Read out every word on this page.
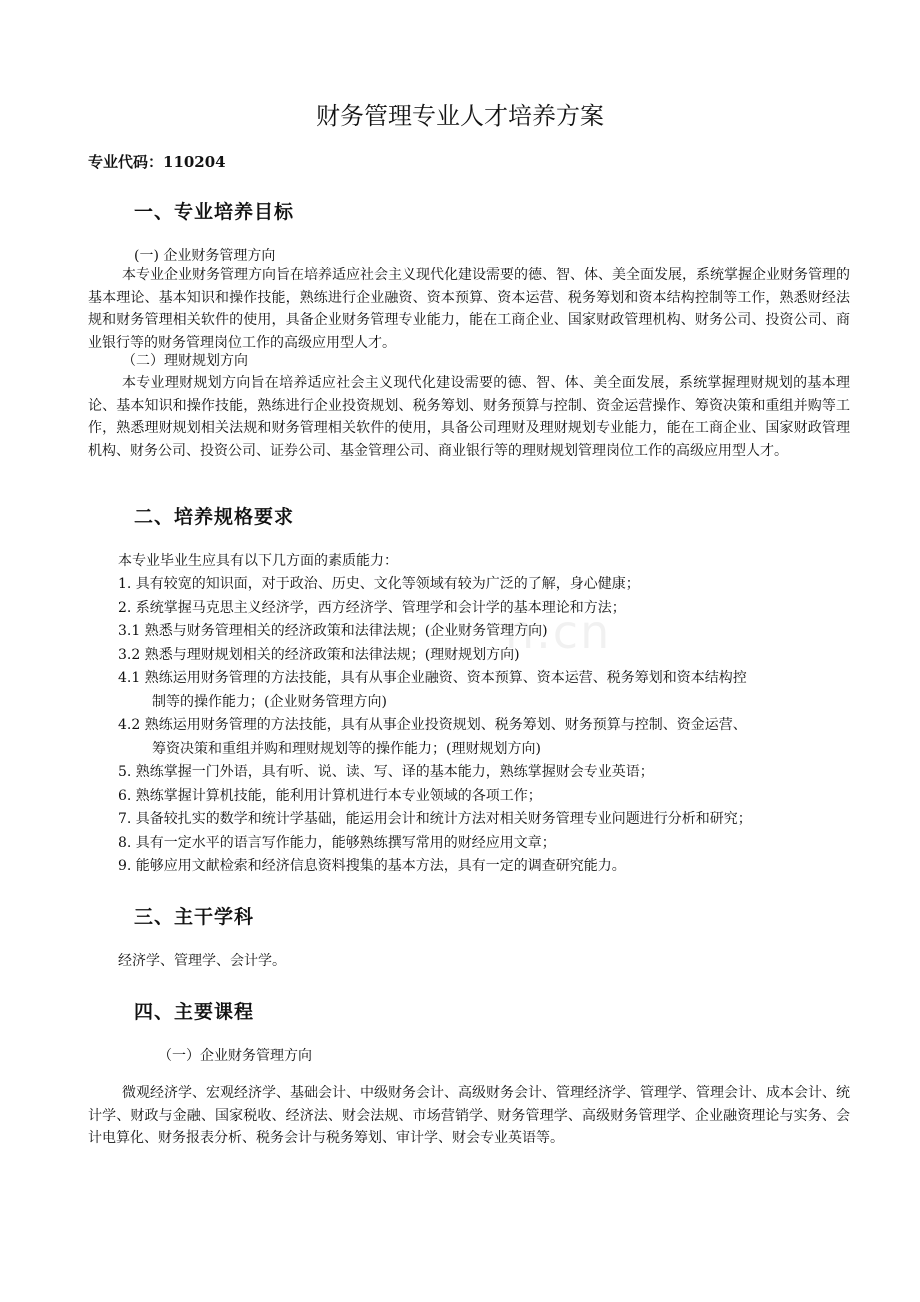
n.cn
财务管理专业人才培养方案

专业代码：110204

一、专业培养目标

(一) 企业财务管理方向

本专业企业财务管理方向旨在培养适应社会主义现代化建设需要的德、智、体、美全面发展，系统掌握企业财务管理的基本理论、基本知识和操作技能，熟练进行企业融资、资本预算、资本运营、税务筹划和资本结构控制等工作，熟悉财经法规和财务管理相关软件的使用，具备企业财务管理专业能力，能在工商企业、国家财政管理机构、财务公司、投资公司、商业银行等的财务管理岗位工作的高级应用型人才。

（二）理财规划方向

本专业理财规划方向旨在培养适应社会主义现代化建设需要的德、智、体、美全面发展，系统掌握理财规划的基本理论、基本知识和操作技能，熟练进行企业投资规划、税务筹划、财务预算与控制、资金运营操作、筹资决策和重组并购等工作，熟悉理财规划相关法规和财务管理相关软件的使用，具备公司理财及理财规划专业能力，能在工商企业、国家财政管理机构、财务公司、投资公司、证券公司、基金管理公司、商业银行等的理财规划管理岗位工作的高级应用型人才。

二、培养规格要求

本专业毕业生应具有以下几方面的素质能力：

1. 具有较宽的知识面，对于政治、历史、文化等领域有较为广泛的了解，身心健康；
2. 系统掌握马克思主义经济学，西方经济学、管理学和会计学的基本理论和方法；
3.1 熟悉与财务管理相关的经济政策和法律法规；(企业财务管理方向)
3.2 熟悉与理财规划相关的经济政策和法律法规；(理财规划方向)
4.1 熟练运用财务管理的方法技能，具有从事企业融资、资本预算、资本运营、税务筹划和资本结构控
制等的操作能力；(企业财务管理方向)
4.2 熟练运用财务管理的方法技能，具有从事企业投资规划、税务筹划、财务预算与控制、资金运营、
筹资决策和重组并购和理财规划等的操作能力；(理财规划方向)
5. 熟练掌握一门外语，具有听、说、读、写、译的基本能力，熟练掌握财会专业英语；
6. 熟练掌握计算机技能，能利用计算机进行本专业领域的各项工作；
7. 具备较扎实的数学和统计学基础，能运用会计和统计方法对相关财务管理专业问题进行分析和研究；
8. 具有一定水平的语言写作能力，能够熟练撰写常用的财经应用文章；
9. 能够应用文献检索和经济信息资料搜集的基本方法，具有一定的调查研究能力。
三、主干学科

经济学、管理学、会计学。

四、主要课程

（一）企业财务管理方向

微观经济学、宏观经济学、基础会计、中级财务会计、高级财务会计、管理经济学、管理学、管理会计、成本会计、统计学、财政与金融、国家税收、经济法、财会法规、市场营销学、财务管理学、高级财务管理学、企业融资理论与实务、会计电算化、财务报表分析、税务会计与税务筹划、审计学、财会专业英语等。
